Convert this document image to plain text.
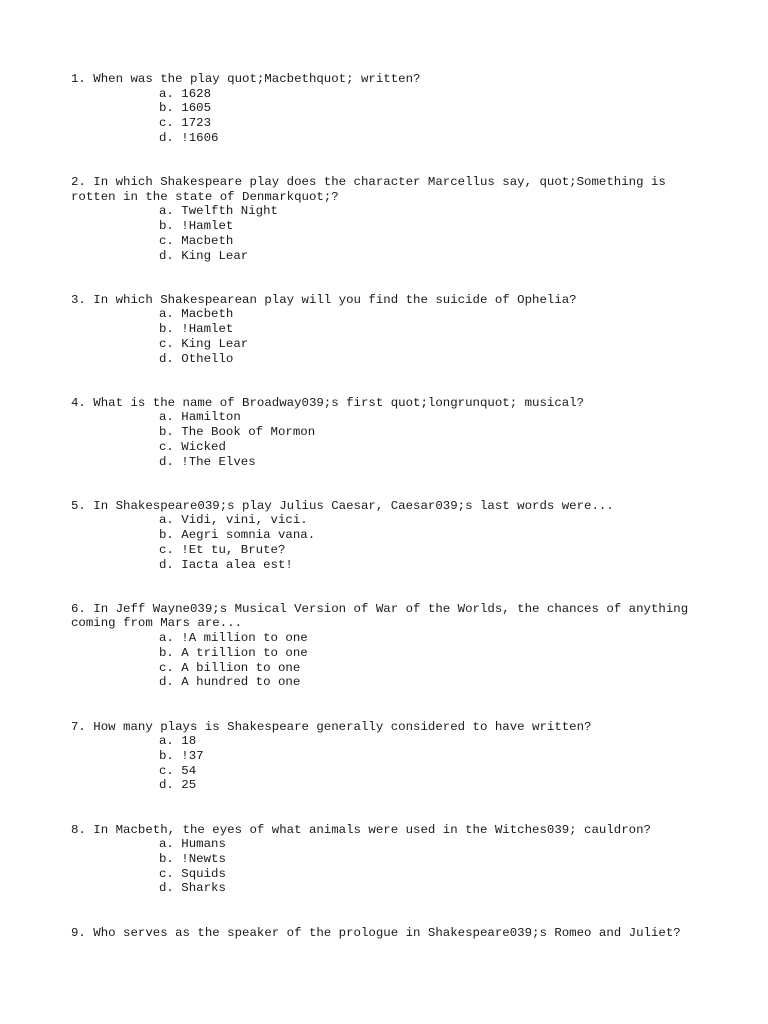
1. When was the play quot;Macbethquot; written?

a. 1628
b. 1605
c. 1723
d. !1606

2. In which Shakespeare play does the character Marcellus say, quot;Something is rotten in the state of Denmarkquot;?

a. Twelfth Night
b. !Hamlet
c. Macbeth
d. King Lear

3. In which Shakespearean play will you find the suicide of Ophelia?

a. Macbeth
b. !Hamlet
c. King Lear
d. Othello

4. What is the name of Broadway039;s first quot;longrunquot; musical?

a. Hamilton
b. The Book of Mormon
c. Wicked
d. !The Elves

5. In Shakespeare039;s play Julius Caesar, Caesar039;s last words were...

a. Vidi, vini, vici.
b. Aegri somnia vana.
c. !Et tu, Brute?
d. Iacta alea est!

6. In Jeff Wayne039;s Musical Version of War of the Worlds, the chances of anything coming from Mars are...

a. !A million to one
b. A trillion to one
c. A billion to one
d. A hundred to one

7. How many plays is Shakespeare generally considered to have written?

a. 18
b. !37
c. 54
d. 25

8. In Macbeth, the eyes of what animals were used in the Witches039; cauldron?

a. Humans
b. !Newts
c. Squids
d. Sharks

9. Who serves as the speaker of the prologue in Shakespeare039;s Romeo and Juliet?
